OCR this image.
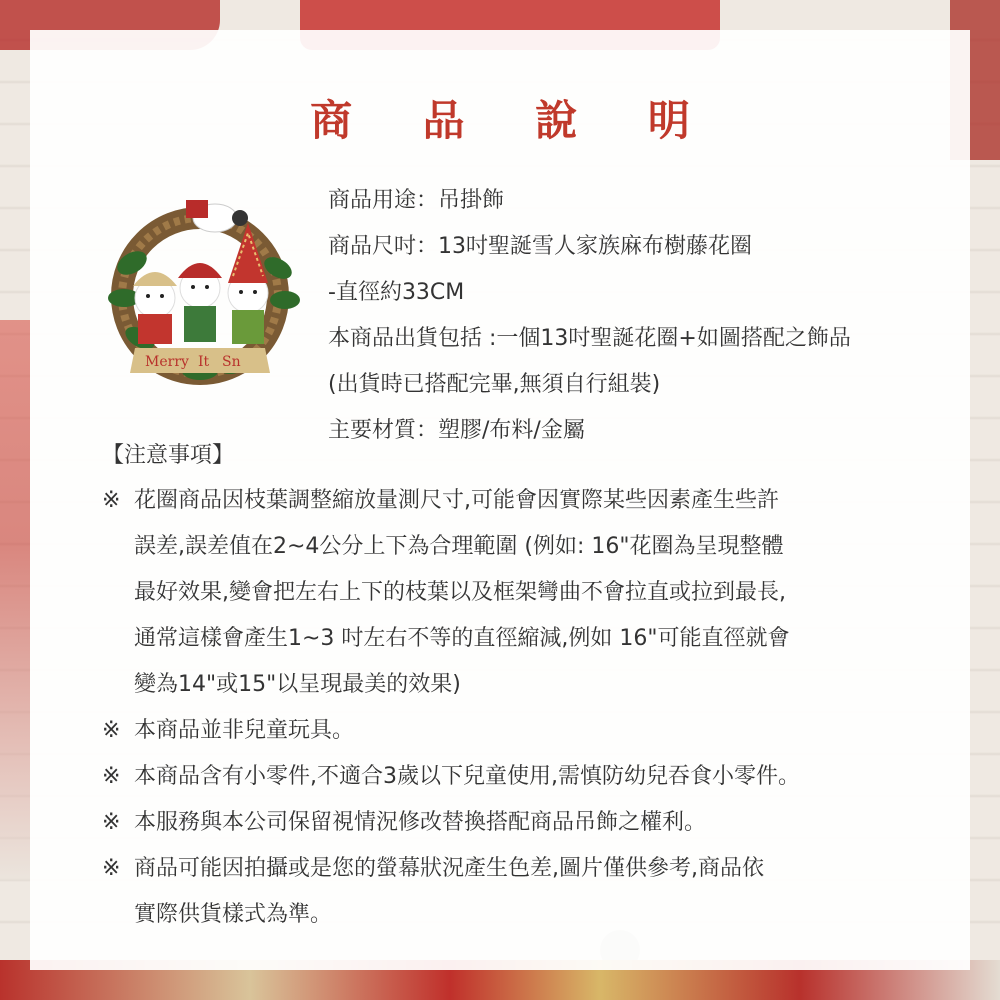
商 品 說 明
Merry It Sn
商品用途：吊掛飾
商品尺吋：13吋聖誕雪人家族麻布樹藤花圈
-直徑約33CM
本商品出貨包括 :一個13吋聖誕花圈+如圖搭配之飾品
(出貨時已搭配完畢,無須自行組裝)
主要材質：塑膠/布料/金屬
【注意事項】
※ 花圈商品因枝葉調整縮放量測尺寸,可能會因實際某些因素產生些許
誤差,誤差值在2~4公分上下為合理範圍 (例如: 16"花圈為呈現整體
最好效果,變會把左右上下的枝葉以及框架彎曲不會拉直或拉到最長,
通常這樣會產生1~3 吋左右不等的直徑縮減,例如 16"可能直徑就會
變為14"或15"以呈現最美的效果)
※ 本商品並非兒童玩具。
※ 本商品含有小零件,不適合3歲以下兒童使用,需慎防幼兒吞食小零件。
※ 本服務與本公司保留視情況修改替換搭配商品吊飾之權利。
※ 商品可能因拍攝或是您的螢幕狀況產生色差,圖片僅供參考,商品依
實際供貨樣式為準。
